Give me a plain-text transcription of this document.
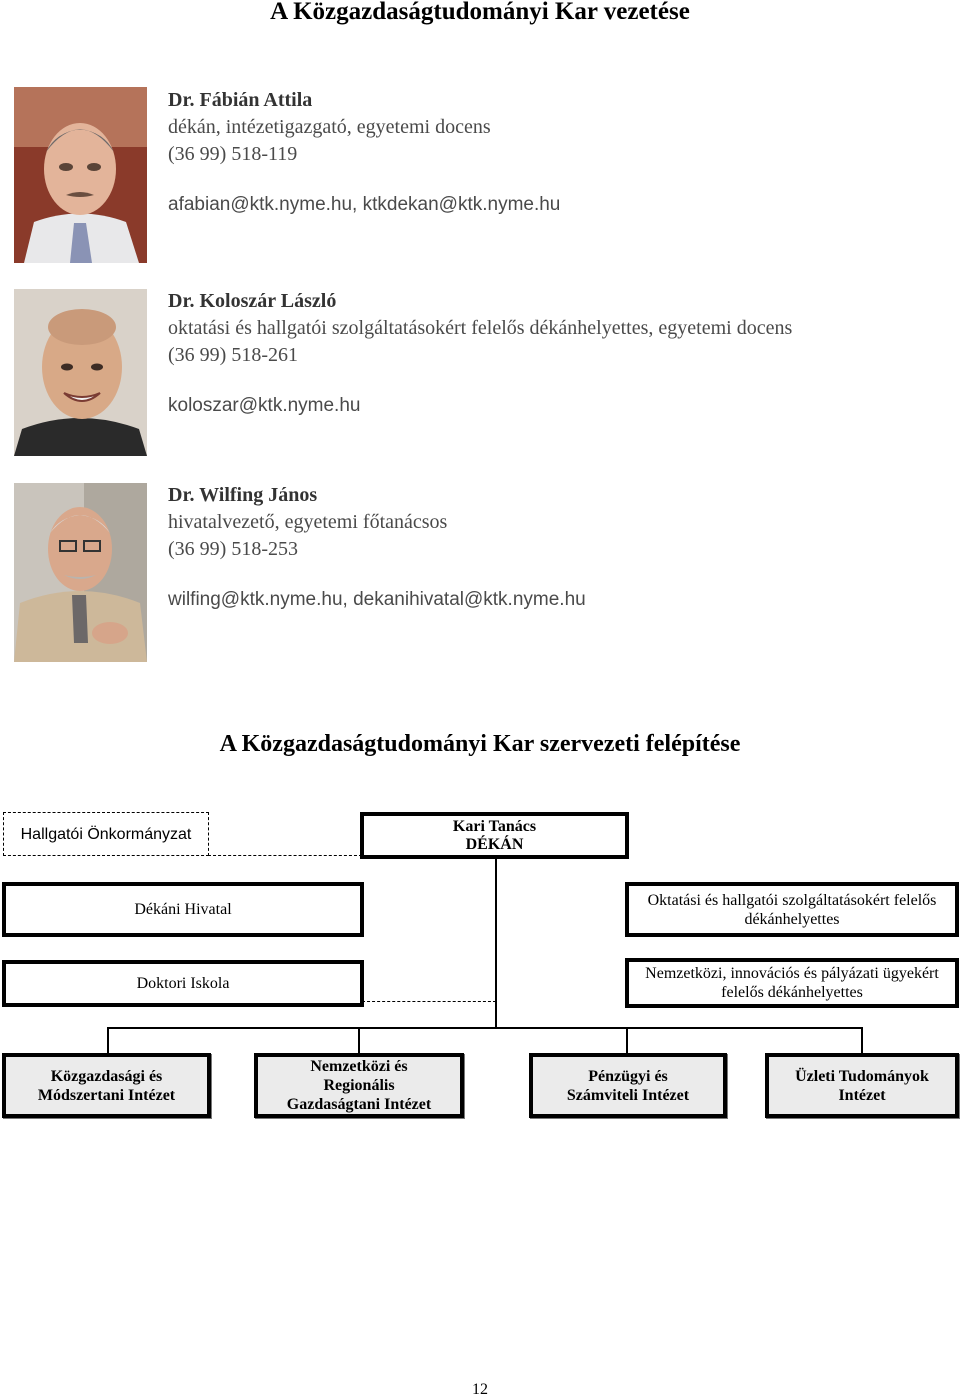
A Közgazdaságtudományi Kar vezetése
Dr. Fábián Attila
dékán, intézetigazgató, egyetemi docens
(36 99) 518-119
afabian@ktk.nyme.hu, ktkdekan@ktk.nyme.hu
Dr. Koloszár László
oktatási és hallgatói szolgáltatásokért felelős dékánhelyettes, egyetemi docens
(36 99) 518-261
koloszar@ktk.nyme.hu
Dr. Wilfing János
hivatalvezető, egyetemi főtanácsos
(36 99) 518-253
wilfing@ktk.nyme.hu, dekanihivatal@ktk.nyme.hu
A Közgazdaságtudományi Kar szervezeti felépítése
Hallgatói Önkormányzat	Kari Tanács
DÉKÁN
Dékáni Hivatal
Oktatási és hallgatói szolgáltatásokért felelős dékánhelyettes
Doktori Iskola
Nemzetközi, innovációs és pályázati ügyekért felelős dékánhelyettes
Közgazdasági és Módszertani Intézet
Nemzetközi és Regionális Gazdaságtani Intézet
Pénzügyi és Számviteli Intézet
Üzleti Tudományok Intézet
12
